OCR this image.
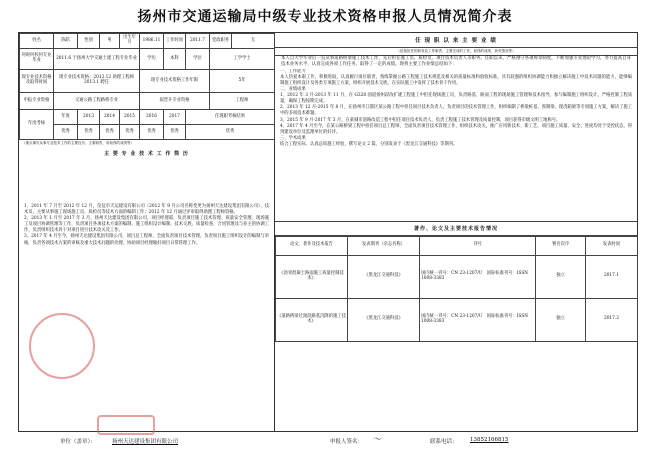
扬州市交通运输局中级专业技术资格申报人员情况简介表
姓名	陈皓	性别	男	出生年月	1986.11	工作时间	2011.7	党政职务	无
何时何校何专业毕业	2011.6 于扬州大学交通土建工程专业毕业				学历	本科	学位	工学学士	
现专业技术资格及取得时间	现专业技术资格：2012.12 助理工程师
2013.1 聘任				现专业技术资格工作年限			5年	
申报专业资格	交通公路工程路桥专业				拟晋升专业资格			工程师	
年度考核	年度	2013	2014	2015	2016	2017	任现职考核结果		
	优秀	优秀	优秀	优秀	优秀	优秀	优秀		
（重点填写从事专业技术工作的主要经历、主要职责、所取得的成绩等）
主 要 专 业 技 术 工 作 简 历
1、2011 年 7 月至 2012 年 12 月，仪征市天运建设有限公司（2012 年 9 月公司名称变更为扬州天达建设集团有限公司），技术员，主要从事施工现场施工员、质检员等技术方面的编制工作；2012 年 12 月通过评审取得助理工程师资格。
2、2013 年 1 月至 2017 年 3 月，扬州天达建设集团有限公司，项目经理部，负责项目施工技术管理、质量安全管理、现场施工及项目协调管理等工作，负责项目各项技术方案的编制、施工组织设计编制、技术交底、质量检查、合同管理及与业主的协调工作，负责组织技术骨干对项目进行技术攻关及工作。
3、2017 年 4 月至今，扬州天达建设集团有限公司，项目总工程师，全面负责项目技术管理，负责项目施工组织设计的编制与审核，负责各项技术方案的审核及重大技术问题的处理，协助项目经理做好项目日常管理工作。
任 现 职 以 来 主 要 业 绩
（包括担任的职务及工作职责、主要完成的工作、取得的成绩、获奖情况等）
本人自大学毕业后一直从事道路桥梁施工技术工作，先后担任施工员、质检员、项目技术负责人等职务。任职以来，严格遵守各项规章制度，不断加强专业理论学习，努力提高自身技术业务水平，认真完成各项工作任务，取得了一定的成绩。现将主要工作业绩总结如下：
一、工作能力
本人热爱本职工作，积极进取，认真履行岗位职责，熟练掌握公路工程施工技术规范及相关的质量标准和验收标准，具有较强的组织协调能力和独立解决施工中技术问题的能力，能够编制施工组织设计及各类专项施工方案，组织开展技术交底，在实际施工中发挥了技术骨干作用。
二、业绩成果
1、2012 年 3 月-2013 年 11 月，在 G328 国道扬州段改扩建工程施工中担任现场施工员，负责路基、路面工程的现场施工管理和技术指导，参与编制施工组织设计，严格控制工程质量，确保工程按期完成。
2、2013 年 12 月-2015 年 8 月，在扬州市江都区某公路工程中担任项目技术负责人，负责项目的技术管理工作，组织编制了桥梁桩基、预制梁、现浇箱梁等专项施工方案，解决了施工中的多项技术难题。
3、2015 年 9 月-2017 年 3 月，在某城市道路改造工程中担任项目技术负责人，负责工程施工技术管理及质量控制，项目获得市级文明工地称号。
4、2017 年 4 月至今，在某公路桥梁工程中担任项目总工程师，全面负责项目技术管理工作，组织技术攻关，推广应用新技术、新工艺，项目施工质量、安全、进度均处于受控状态，得到建设单位及监理单位的好评。
三、学术成果
结合工程实际，认真总结施工经验，撰写论文 2 篇，分别发表于《黑龙江交通科技》等期刊。
著作、论文及主要技术报告情况
论文、著作及技术报告	发表期刊（杂志名称）	刊号	署名次序	发表时间
《沥青混凝土路面施工质量控制技术》	《黑龙江交通科技》	国内统一刊号：CN 23-1207/U　国际标准刊号：ISSN 1008-3383	独立	2017.1
《道路桥梁过渡段路基沉降的施工技术》	《黑龙江交通科技》	国内统一刊号：CN 23-1207/U　国际标准刊号：ISSN 1008-3383	独立	2017.2
单位（盖章）：	扬州天达建设集团有限公司	申报人签名： 〜	联系电话： 13852166815
